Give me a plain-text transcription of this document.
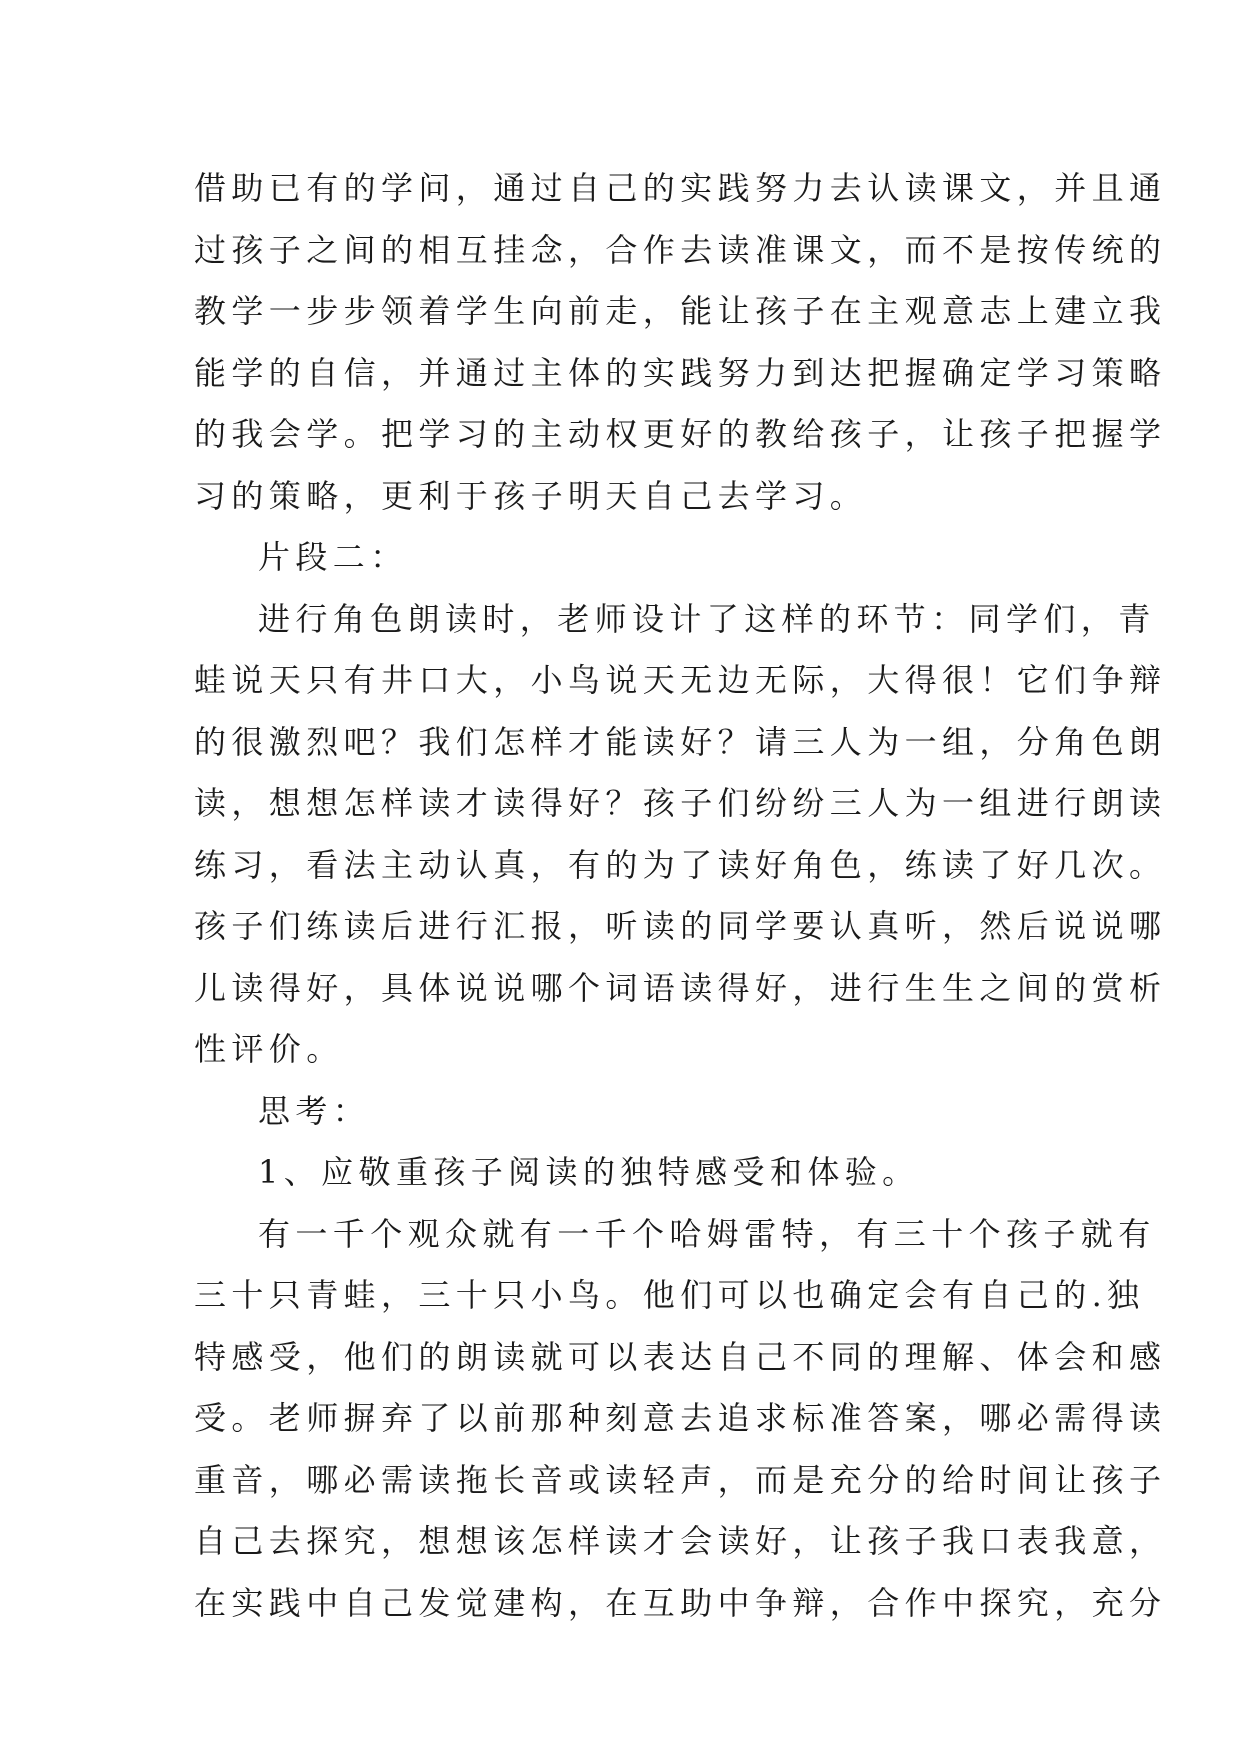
借助已有的学问，通过自己的实践努力去认读课文，并且通
过孩子之间的相互挂念，合作去读准课文，而不是按传统的
教学一步步领着学生向前走，能让孩子在主观意志上建立我
能学的自信，并通过主体的实践努力到达把握确定学习策略
的我会学。把学习的主动权更好的教给孩子，让孩子把握学
习的策略，更利于孩子明天自己去学习。
片段二：
进行角色朗读时，老师设计了这样的环节：同学们，青
蛙说天只有井口大，小鸟说天无边无际，大得很！它们争辩
的很激烈吧？我们怎样才能读好？请三人为一组，分角色朗
读，想想怎样读才读得好？孩子们纷纷三人为一组进行朗读
练习，看法主动认真，有的为了读好角色，练读了好几次。
孩子们练读后进行汇报，听读的同学要认真听，然后说说哪
儿读得好，具体说说哪个词语读得好，进行生生之间的赏析
性评价。
思考：
1、应敬重孩子阅读的独特感受和体验。
有一千个观众就有一千个哈姆雷特，有三十个孩子就有
三十只青蛙，三十只小鸟。他们可以也确定会有自己的.独
特感受，他们的朗读就可以表达自己不同的理解、体会和感
受。老师摒弃了以前那种刻意去追求标准答案，哪必需得读
重音，哪必需读拖长音或读轻声，而是充分的给时间让孩子
自己去探究，想想该怎样读才会读好，让孩子我口表我意，
在实践中自己发觉建构，在互助中争辩，合作中探究，充分
